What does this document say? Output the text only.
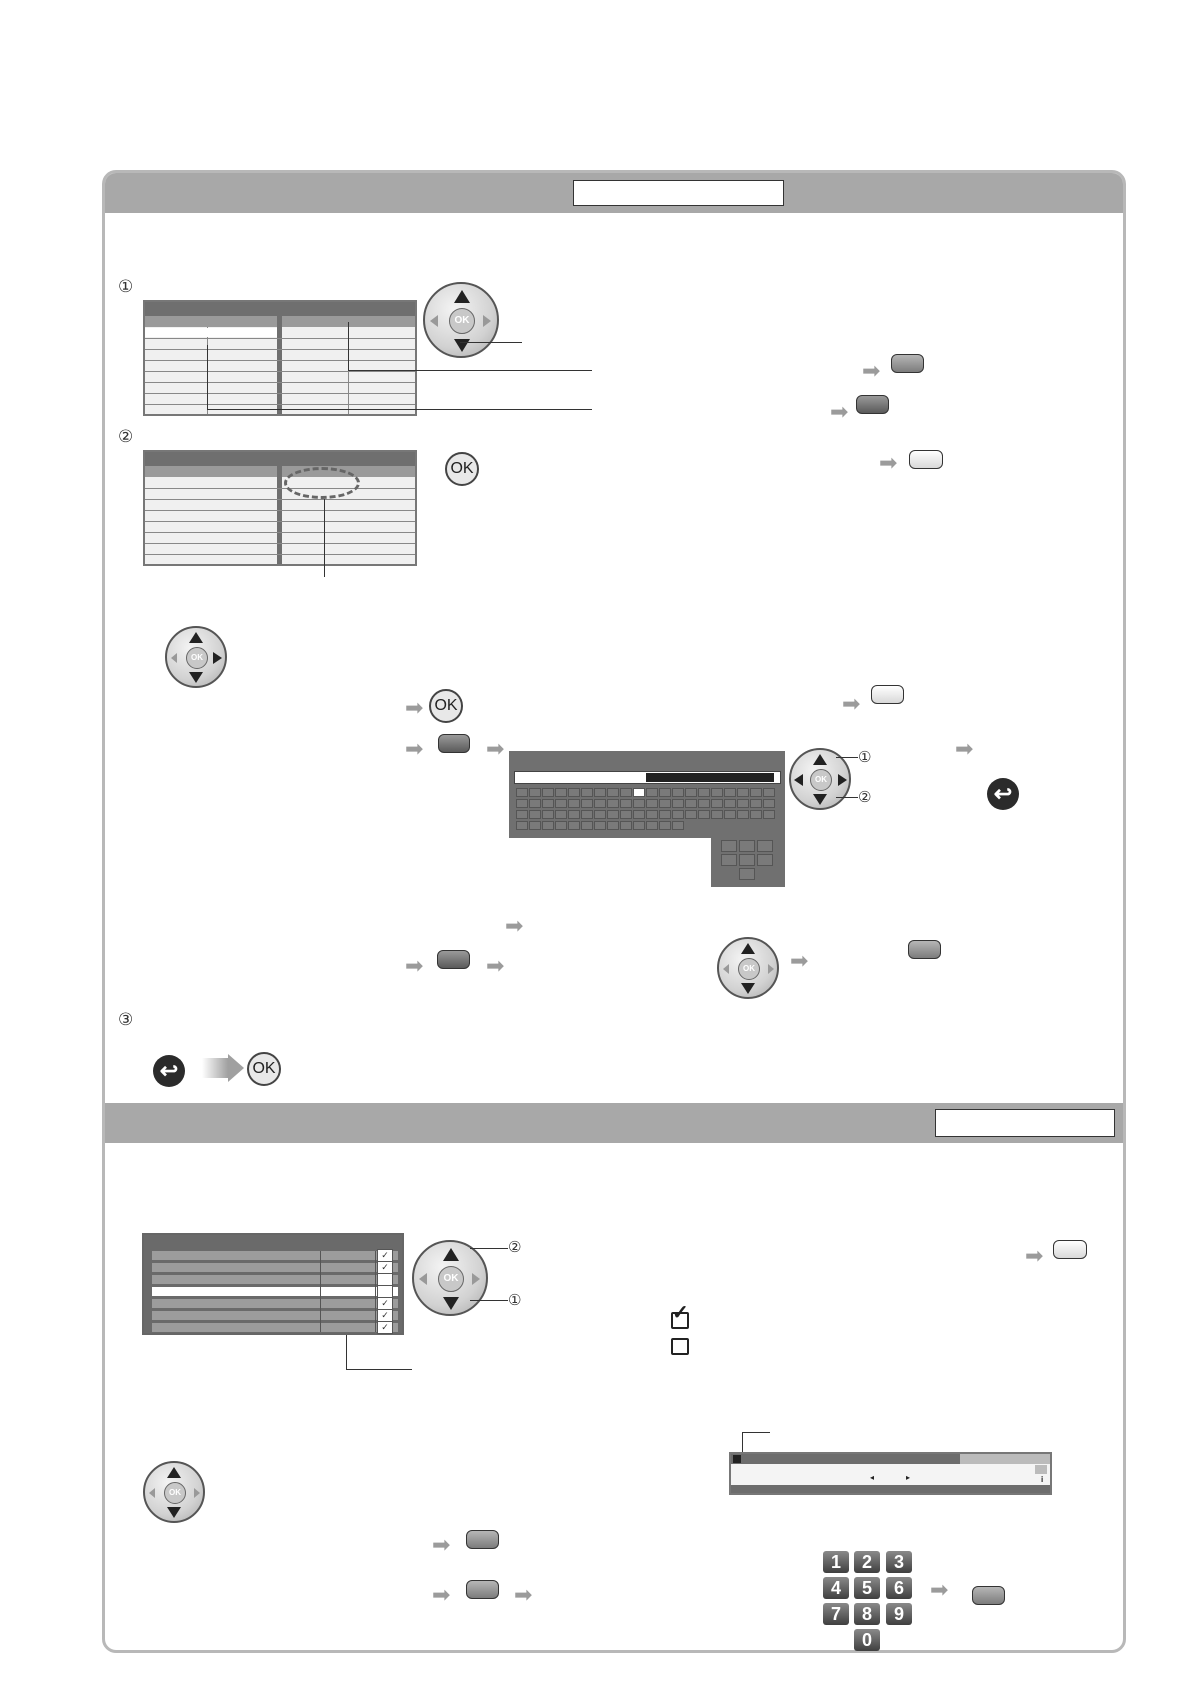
①
②
③
OK
➡
➡
➡
OK
OK
➡ OK	➡
➡	➡
OK
①
②
➡
↩
➡
➡	➡	OK ➡
↩	OK
✓
✓
✓
✓
✓
OK
②
①
➡
✓
◂	▸	i
OK
➡
➡	➡
1	2	3
4	5	6
7	8	9
0
➡
